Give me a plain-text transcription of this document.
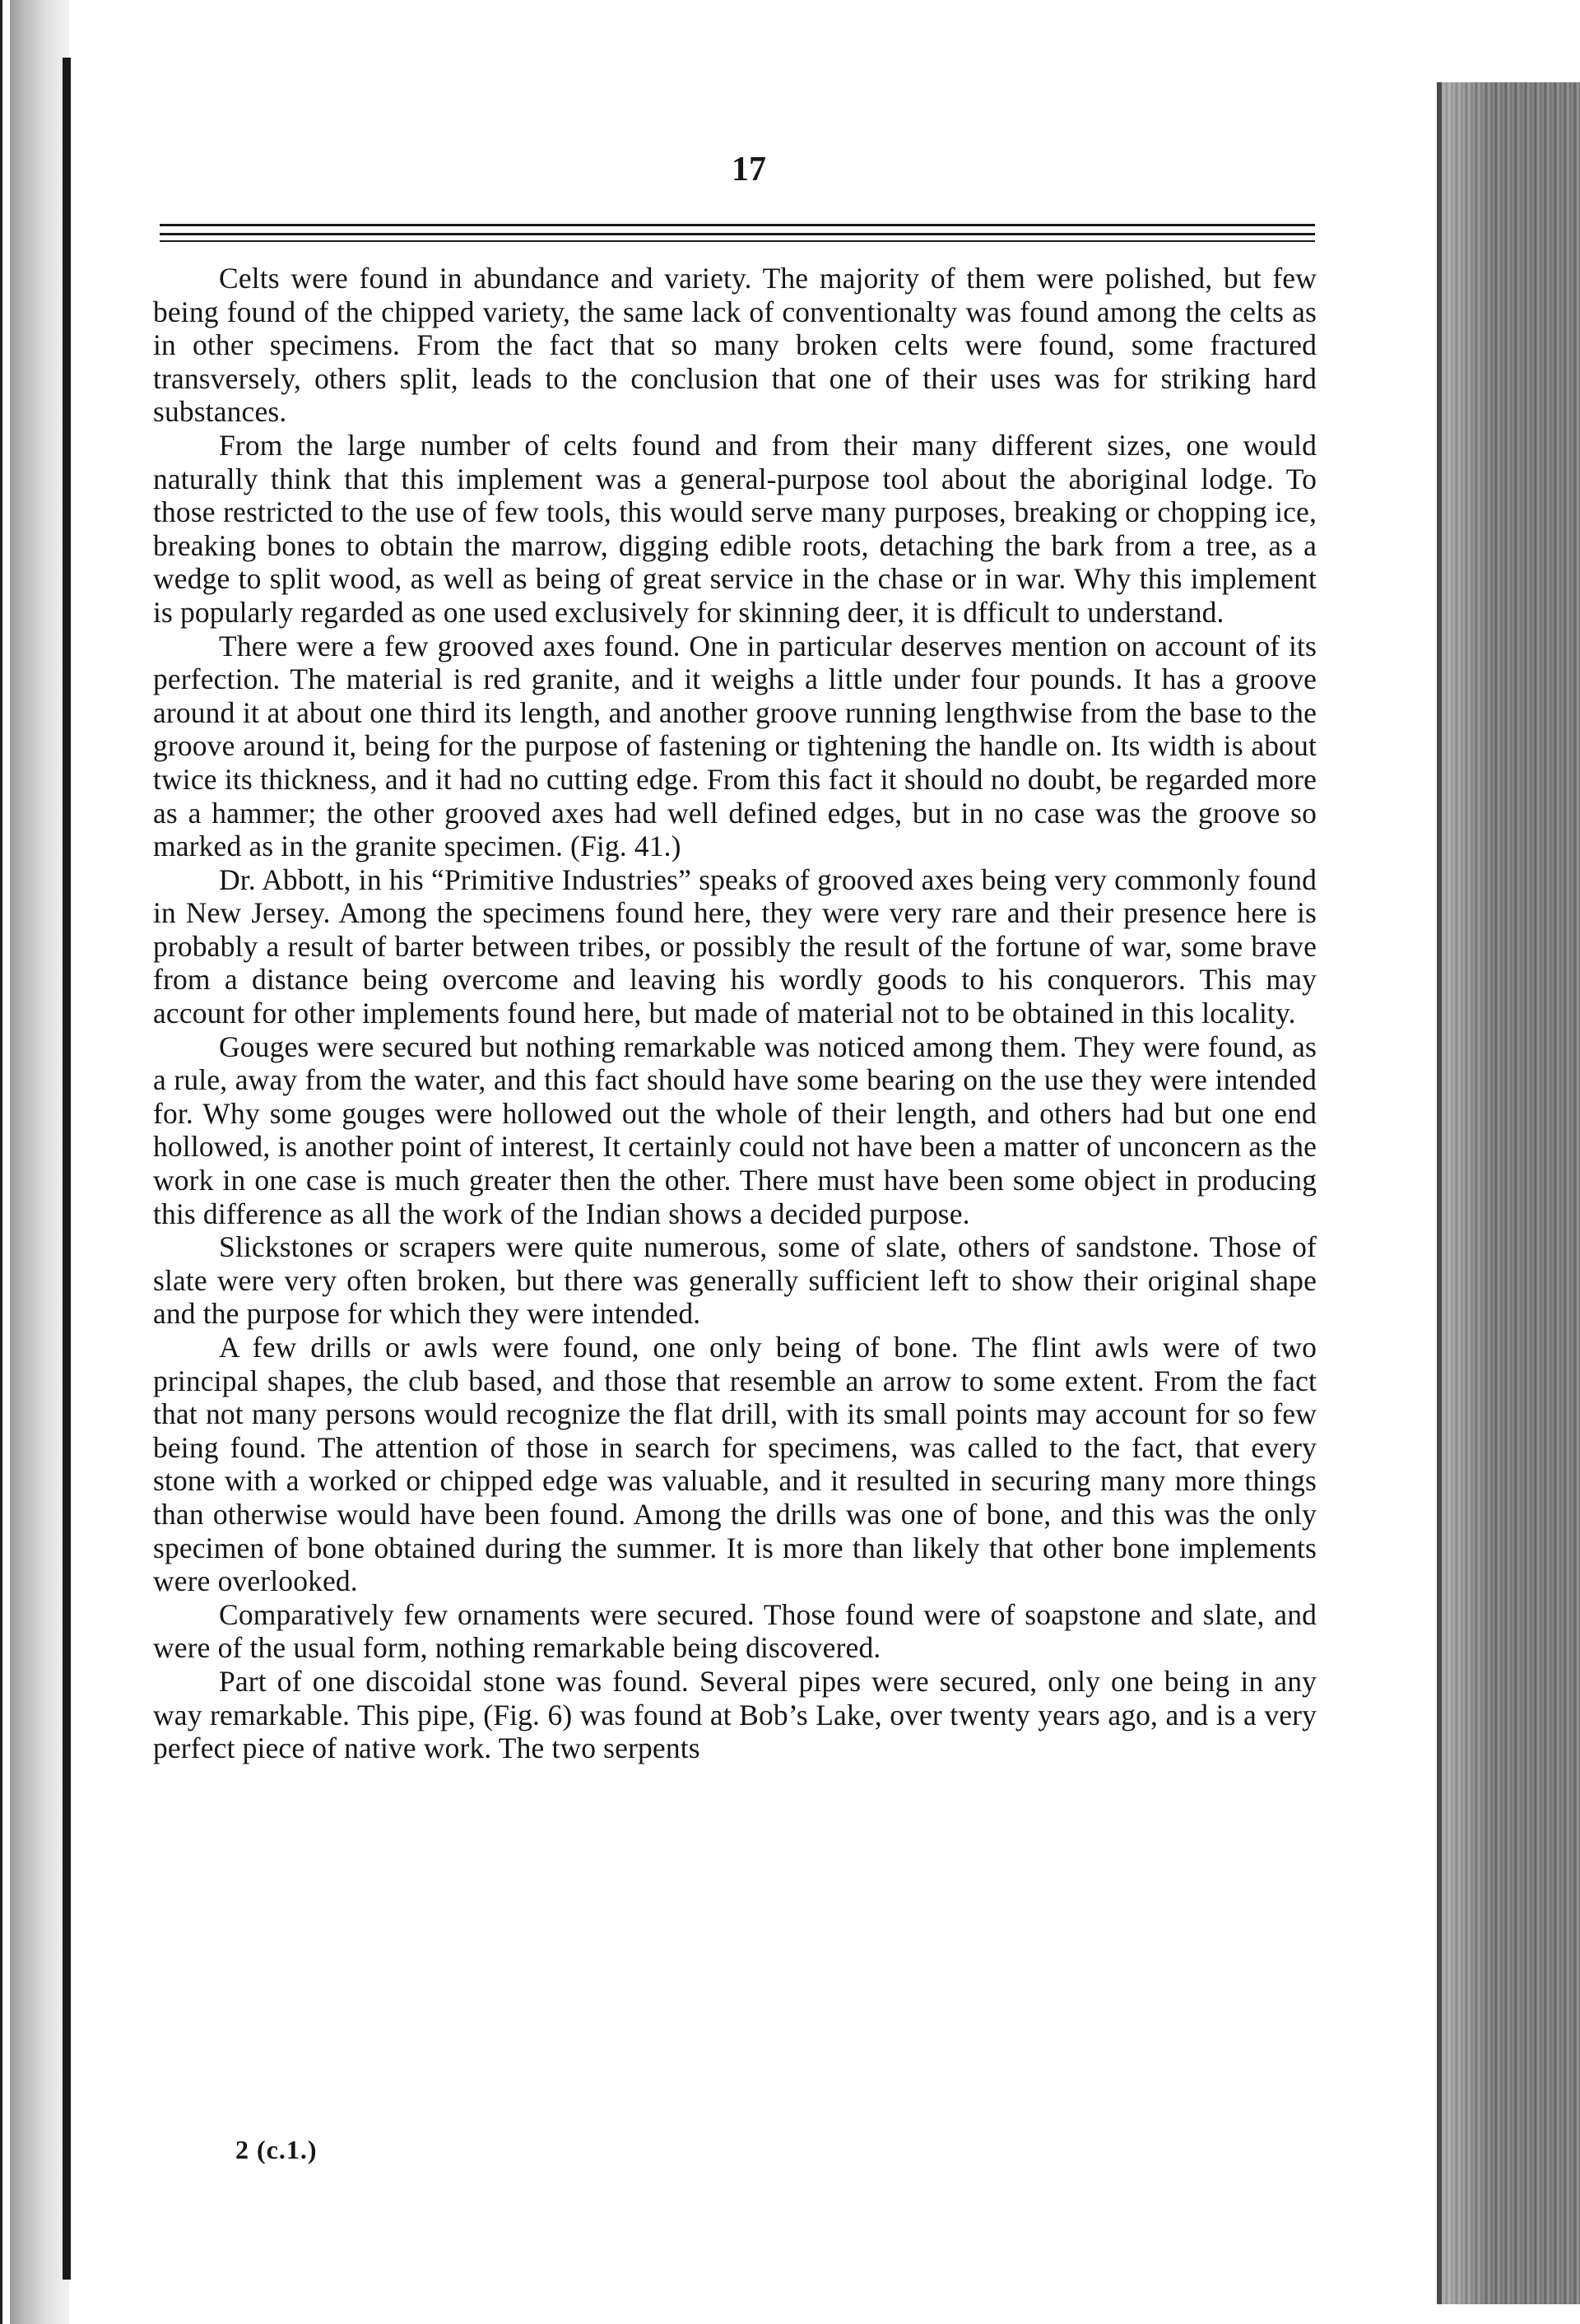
17

Celts were found in abundance and variety. The majority of them were polished, but few being found of the chipped variety, the same lack of conventionalty was found among the celts as in other specimens. From the fact that so many broken celts were found, some fractured transversely, others split, leads to the conclusion that one of their uses was for striking hard substances.

From the large number of celts found and from their many different sizes, one would naturally think that this implement was a general-purpose tool about the aboriginal lodge. To those restricted to the use of few tools, this would serve many purposes, breaking or chopping ice, breaking bones to obtain the marrow, digging edible roots, detaching the bark from a tree, as a wedge to split wood, as well as being of great service in the chase or in war. Why this implement is popularly regarded as one used exclusively for skinning deer, it is dfficult to understand.

There were a few grooved axes found. One in particular deserves mention on account of its perfection. The material is red granite, and it weighs a little under four pounds. It has a groove around it at about one third its length, and another groove running lengthwise from the base to the groove around it, being for the purpose of fastening or tightening the handle on. Its width is about twice its thickness, and it had no cutting edge. From this fact it should no doubt, be regarded more as a hammer; the other grooved axes had well defined edges, but in no case was the groove so marked as in the granite specimen. (Fig. 41.)

Dr. Abbott, in his “Primitive Industries” speaks of grooved axes being very commonly found in New Jersey. Among the specimens found here, they were very rare and their presence here is probably a result of barter between tribes, or possibly the result of the fortune of war, some brave from a distance being overcome and leaving his wordly goods to his conquerors. This may account for other implements found here, but made of material not to be obtained in this locality.

Gouges were secured but nothing remarkable was noticed among them. They were found, as a rule, away from the water, and this fact should have some bearing on the use they were intended for. Why some gouges were hollowed out the whole of their length, and others had but one end hollowed, is another point of interest, It certainly could not have been a matter of unconcern as the work in one case is much greater then the other. There must have been some object in producing this difference as all the work of the Indian shows a decided purpose.

Slickstones or scrapers were quite numerous, some of slate, others of sandstone. Those of slate were very often broken, but there was generally sufficient left to show their original shape and the purpose for which they were intended.

A few drills or awls were found, one only being of bone. The flint awls were of two principal shapes, the club based, and those that resemble an arrow to some extent. From the fact that not many persons would recognize the flat drill, with its small points may account for so few being found. The attention of those in search for specimens, was called to the fact, that every stone with a worked or chipped edge was valuable, and it resulted in securing many more things than otherwise would have been found. Among the drills was one of bone, and this was the only specimen of bone obtained during the summer. It is more than likely that other bone implements were overlooked.

Comparatively few ornaments were secured. Those found were of soapstone and slate, and were of the usual form, nothing remarkable being discovered.

Part of one discoidal stone was found. Several pipes were secured, only one being in any way remarkable. This pipe, (Fig. 6) was found at Bob’s Lake, over twenty years ago, and is a very perfect piece of native work. The two serpents

2 (c.1.)
